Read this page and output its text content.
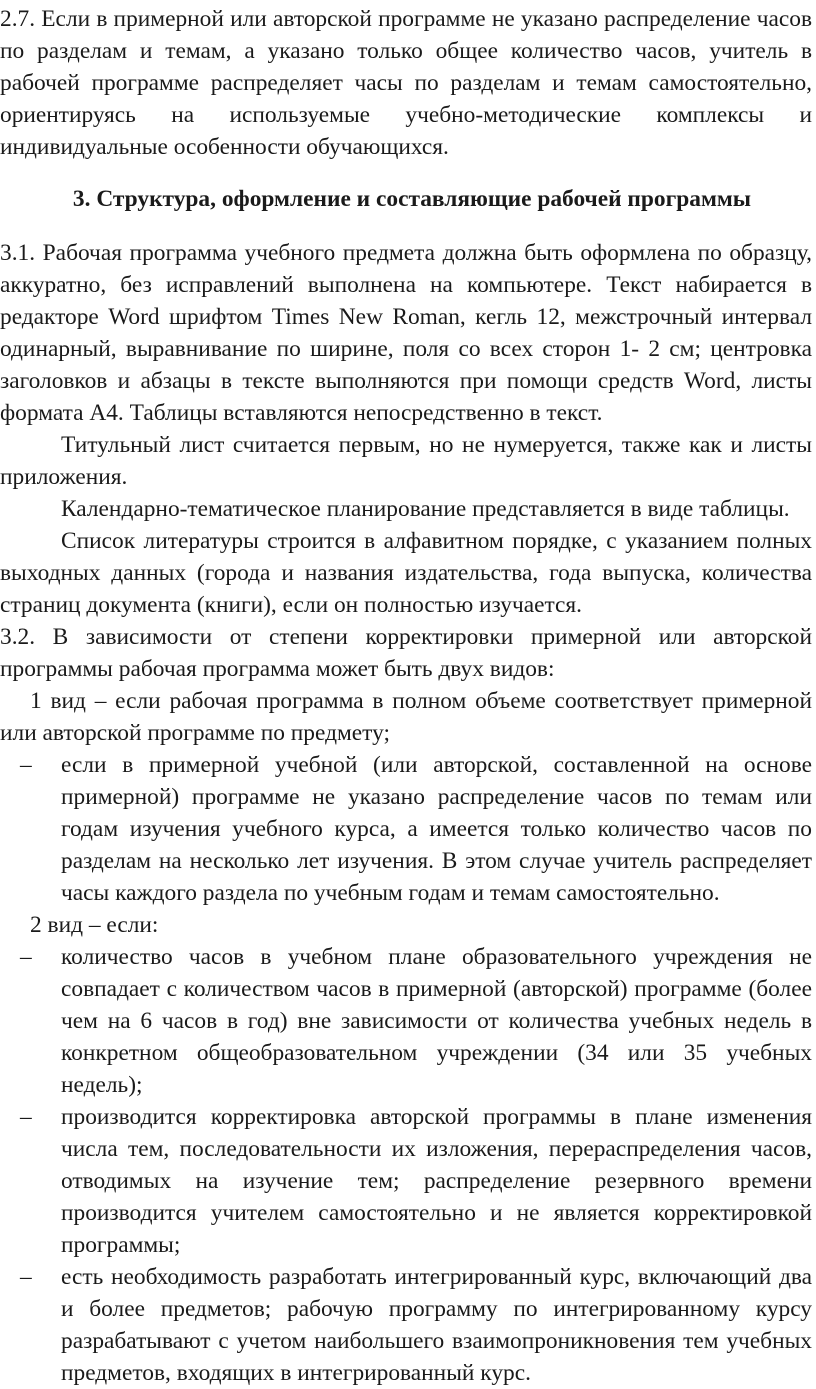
2.7. Если в примерной или авторской программе не указано распределение часов по разделам и темам, а указано только общее количество часов, учитель в рабочей программе распределяет часы по разделам и темам самостоятельно, ориентируясь на используемые учебно-методические комплексы и индивидуальные особенности обучающихся.

3. Структура, оформление и составляющие рабочей программы

3.1. Рабочая программа учебного предмета должна быть оформлена по образцу, аккуратно, без исправлений выполнена на компьютере. Текст набирается в редакторе Word шрифтом Times New Roman, кегль 12, межстрочный интервал одинарный, выравнивание по ширине, поля со всех сторон 1- 2 см; центровка заголовков и абзацы в тексте выполняются при помощи средств Word, листы формата А4. Таблицы вставляются непосредственно в текст.

Титульный лист считается первым, но не нумеруется, также как и листы приложения.

Календарно-тематическое планирование представляется в виде таблицы.

Список литературы строится в алфавитном порядке, с указанием полных выходных данных (города и названия издательства, года выпуска, количества страниц документа (книги), если он полностью изучается.

3.2. В зависимости от степени корректировки примерной или авторской программы рабочая программа может быть двух видов:

1 вид – если рабочая программа в полном объеме соответствует примерной или авторской программе по предмету;

– если в примерной учебной (или авторской, составленной на основе примерной) программе не указано распределение часов по темам или годам изучения учебного курса, а имеется только количество часов по разделам на несколько лет изучения. В этом случае учитель распределяет часы каждого раздела по учебным годам и темам самостоятельно.

2 вид – если:

– количество часов в учебном плане образовательного учреждения не совпадает с количеством часов в примерной (авторской) программе (более чем на 6 часов в год) вне зависимости от количества учебных недель в конкретном общеобразовательном учреждении (34 или 35 учебных недель);
– производится корректировка авторской программы в плане изменения числа тем, последовательности их изложения, перераспределения часов, отводимых на изучение тем; распределение резервного времени производится учителем самостоятельно и не является корректировкой программы;
– есть необходимость разработать интегрированный курс, включающий два и более предметов; рабочую программу по интегрированному курсу разрабатывают с учетом наибольшего взаимопроникновения тем учебных предметов, входящих в интегрированный курс.
